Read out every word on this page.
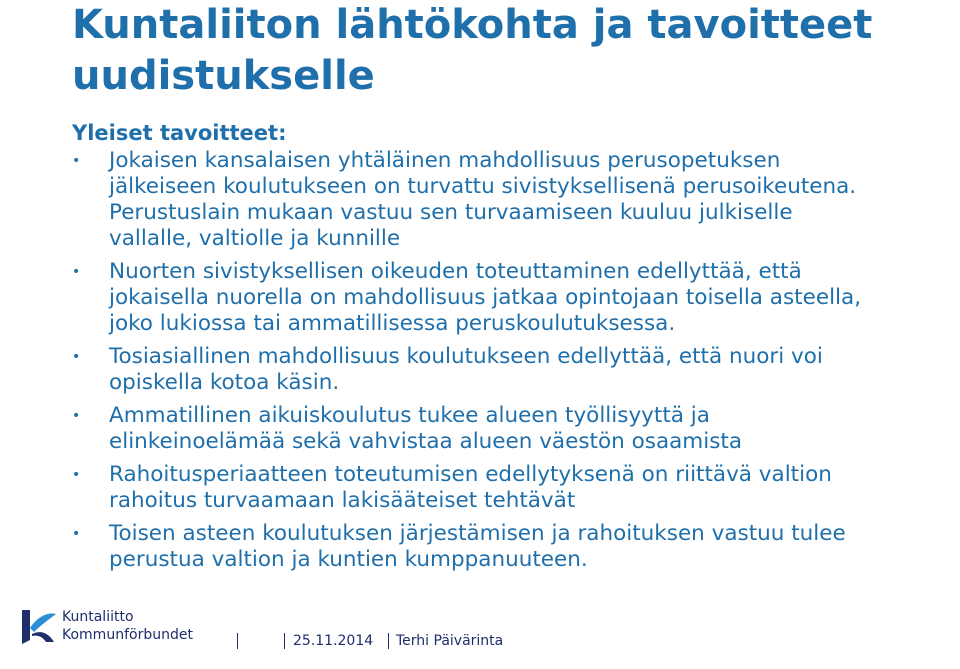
Kuntaliiton lähtökohta ja tavoitteet uudistukselle
Yleiset tavoitteet:
• Jokaisen kansalaisen yhtäläinen mahdollisuus perusopetuksen jälkeiseen koulutukseen on turvattu sivistyksellisenä perusoikeutena. Perustuslain mukaan vastuu sen turvaamiseen kuuluu julkiselle vallalle, valtiolle ja kunnille
• Nuorten sivistyksellisen oikeuden toteuttaminen edellyttää, että jokaisella nuorella on mahdollisuus jatkaa opintojaan toisella asteella, joko lukiossa tai ammatillisessa peruskoulutuksessa.
• Tosiasiallinen mahdollisuus koulutukseen edellyttää, että nuori voi opiskella kotoa käsin.
• Ammatillinen aikuiskoulutus tukee alueen työllisyyttä ja elinkeinoelämää sekä vahvistaa alueen väestön osaamista
• Rahoitusperiaatteen toteutumisen edellytyksenä on riittävä valtion rahoitus turvaamaan lakisääteiset tehtävät
• Toisen asteen koulutuksen järjestämisen ja rahoituksen vastuu tulee perustua valtion ja kuntien kumppanuuteen.
Kuntaliitto
Kommunförbundet	25.11.2014 Terhi Päivärinta
